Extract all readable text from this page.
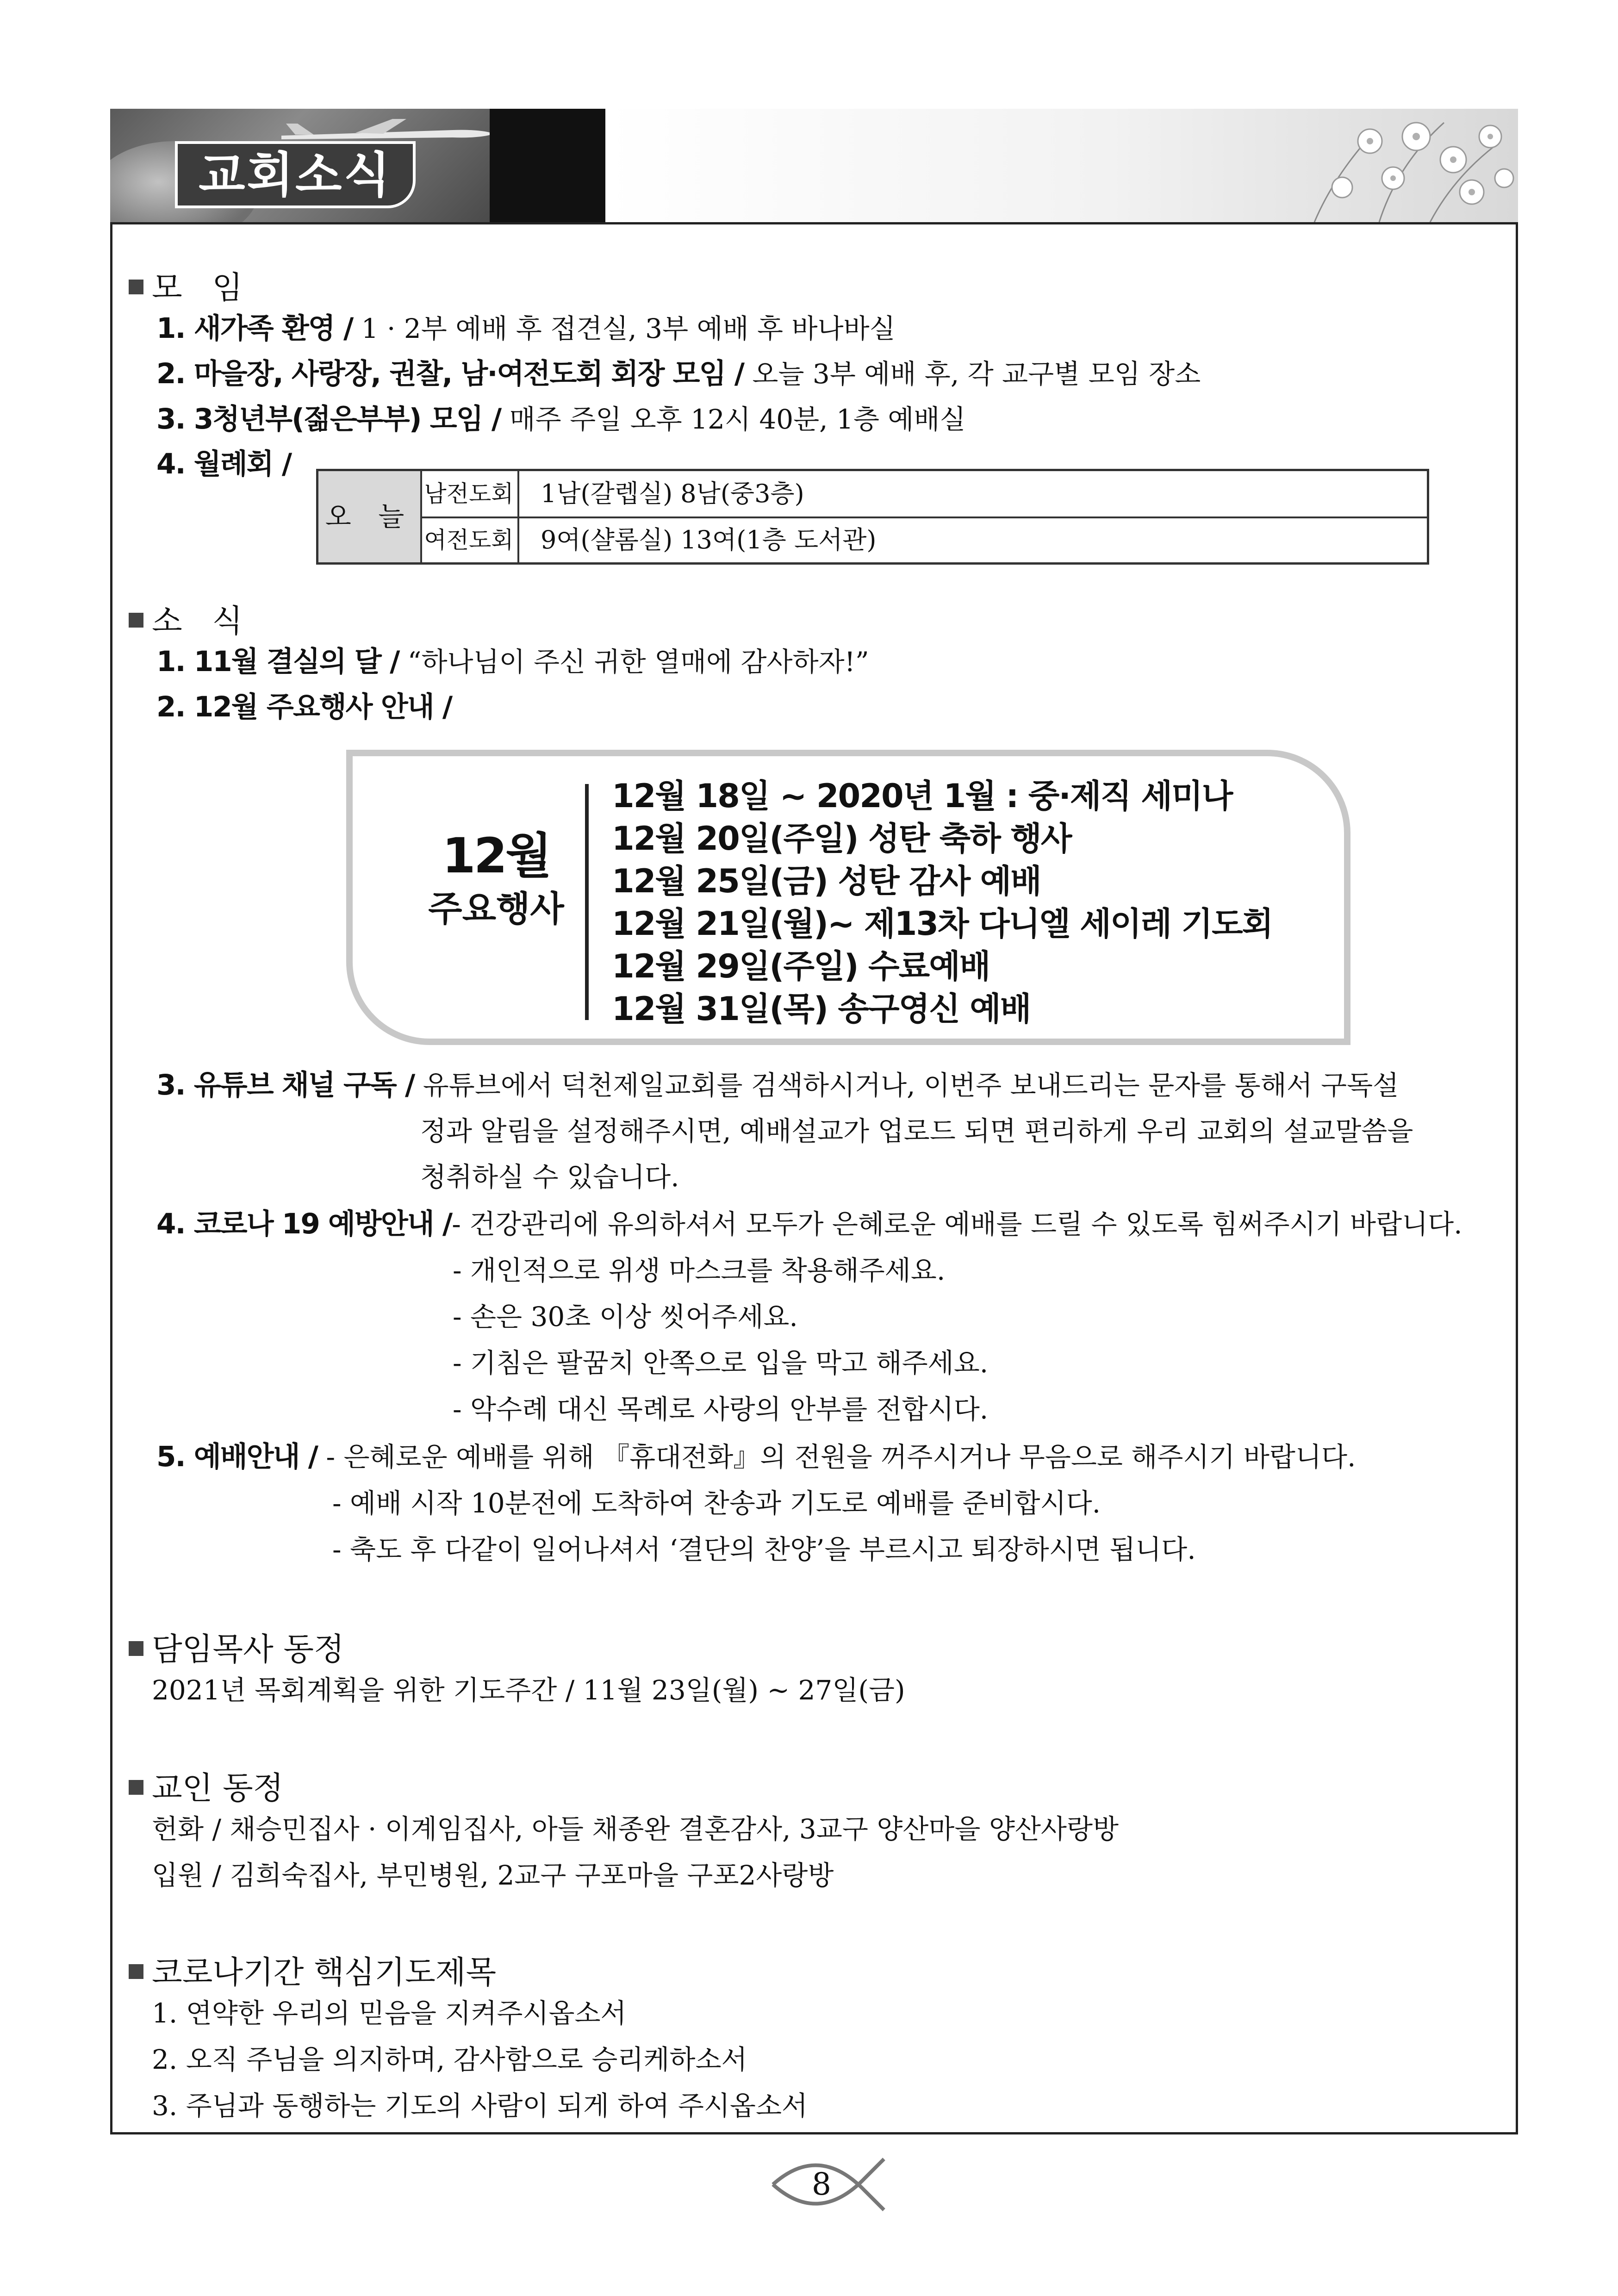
교회소식
모   임
1. 새가족 환영 / 1 · 2부 예배 후 접견실, 3부 예배 후 바나바실
2. 마을장, 사랑장, 권찰, 남·여전도회 회장 모임 / 오늘 3부 예배 후, 각 교구별 모임 장소
3. 3청년부(젊은부부) 모임 / 매주 주일 오후 12시 40분, 1층 예배실
4. 월례회 /
오 늘
남전도회 1남(갈렙실) 8남(중3층)
여전도회 9여(샬롬실) 13여(1층 도서관)
소   식
1. 11월 결실의 달 / “하나님이 주신 귀한 열매에 감사하자!”
2. 12월 주요행사 안내 /
12월
주요행사
12월 18일 ~ 2020년 1월 : 중·제직 세미나
12월 20일(주일) 성탄 축하 행사
12월 25일(금) 성탄 감사 예배
12월 21일(월)~ 제13차 다니엘 세이레 기도회
12월 29일(주일) 수료예배
12월 31일(목) 송구영신 예배
3. 유튜브 채널 구독 / 유튜브에서 덕천제일교회를 검색하시거나, 이번주 보내드리는 문자를 통해서 구독설
정과 알림을 설정해주시면, 예배설교가 업로드 되면 편리하게 우리 교회의 설교말씀을
청취하실 수 있습니다.
4. 코로나 19 예방안내 /- 건강관리에 유의하셔서 모두가 은혜로운 예배를 드릴 수 있도록 힘써주시기 바랍니다.
- 개인적으로 위생 마스크를 착용해주세요.
- 손은 30초 이상 씻어주세요.
- 기침은 팔꿈치 안쪽으로 입을 막고 해주세요.
- 악수례 대신 목례로 사랑의 안부를 전합시다.
5. 예배안내 / - 은혜로운 예배를 위해 『휴대전화』의 전원을 꺼주시거나 무음으로 해주시기 바랍니다.
- 예배 시작 10분전에 도착하여 찬송과 기도로 예배를 준비합시다.
- 축도 후 다같이 일어나셔서 ‘결단의 찬양’을 부르시고 퇴장하시면 됩니다.
담임목사 동정
2021년 목회계획을 위한 기도주간 / 11월 23일(월) ~ 27일(금)
교인 동정
헌화 / 채승민집사 · 이계임집사, 아들 채종완 결혼감사, 3교구 양산마을 양산사랑방
입원 / 김희숙집사, 부민병원, 2교구 구포마을 구포2사랑방
코로나기간 핵심기도제목
1. 연약한 우리의 믿음을 지켜주시옵소서
2. 오직 주님을 의지하며, 감사함으로 승리케하소서
3. 주님과 동행하는 기도의 사람이 되게 하여 주시옵소서
8
